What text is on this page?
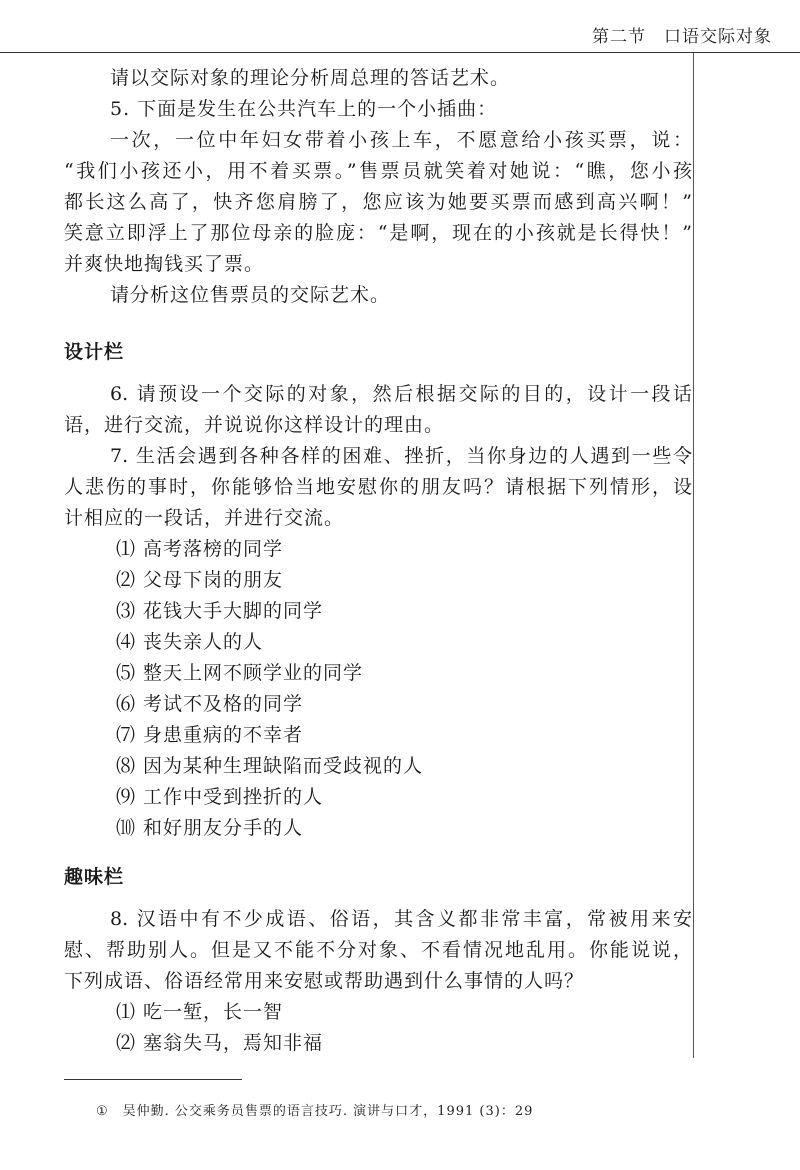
第二节　口语交际对象
请以交际对象的理论分析周总理的答话艺术。
5. 下面是发生在公共汽车上的一个小插曲：
一次，一位中年妇女带着小孩上车，不愿意给小孩买票，说：
“我们小孩还小，用不着买票。”售票员就笑着对她说：“瞧，您小孩
都长这么高了，快齐您肩膀了，您应该为她要买票而感到高兴啊！”
笑意立即浮上了那位母亲的脸庞：“是啊，现在的小孩就是长得快！”
并爽快地掏钱买了票。
请分析这位售票员的交际艺术。
设计栏
6. 请预设一个交际的对象，然后根据交际的目的，设计一段话
语，进行交流，并说说你这样设计的理由。
7. 生活会遇到各种各样的困难、挫折，当你身边的人遇到一些令
人悲伤的事时，你能够恰当地安慰你的朋友吗？请根据下列情形，设
计相应的一段话，并进行交流。
⑴ 高考落榜的同学
⑵ 父母下岗的朋友
⑶ 花钱大手大脚的同学
⑷ 丧失亲人的人
⑸ 整天上网不顾学业的同学
⑹ 考试不及格的同学
⑺ 身患重病的不幸者
⑻ 因为某种生理缺陷而受歧视的人
⑼ 工作中受到挫折的人
⑽ 和好朋友分手的人
趣味栏
8. 汉语中有不少成语、俗语，其含义都非常丰富，常被用来安
慰、帮助别人。但是又不能不分对象、不看情况地乱用。你能说说，
下列成语、俗语经常用来安慰或帮助遇到什么事情的人吗？
⑴ 吃一堑，长一智
⑵ 塞翁失马，焉知非福
① 吴仲勤. 公交乘务员售票的语言技巧. 演讲与口才，1991 (3)：29
